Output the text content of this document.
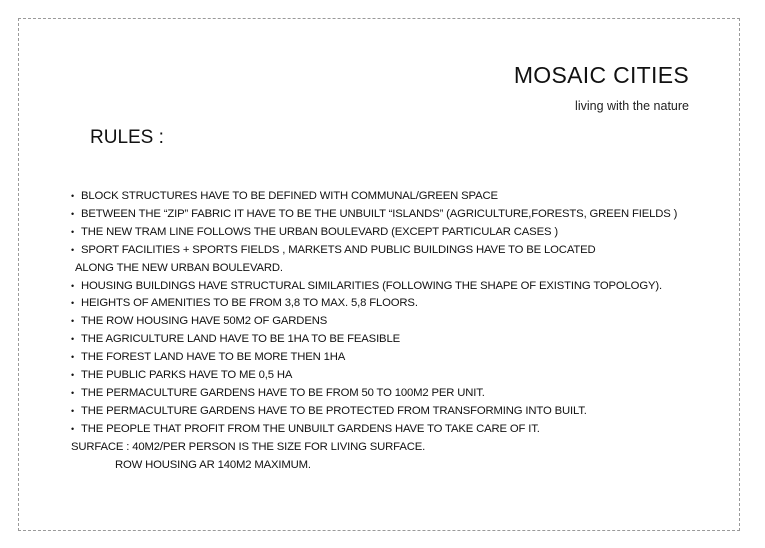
MOSAIC CITIES
living with the nature
RULES :
• BLOCK STRUCTURES HAVE TO BE DEFINED WITH COMMUNAL/GREEN SPACE
• BETWEEN THE “ZIP” FABRIC IT HAVE TO BE THE UNBUILT “ISLANDS” (AGRICULTURE,FORESTS, GREEN FIELDS )
• THE NEW TRAM LINE FOLLOWS THE URBAN BOULEVARD (EXCEPT PARTICULAR CASES )
• SPORT FACILITIES + SPORTS FIELDS , MARKETS AND PUBLIC BUILDINGS HAVE TO BE LOCATED
ALONG THE NEW URBAN BOULEVARD.
• HOUSING BUILDINGS HAVE STRUCTURAL SIMILARITIES (FOLLOWING THE SHAPE OF EXISTING TOPOLOGY).
• HEIGHTS OF AMENITIES TO BE FROM 3,8 TO MAX. 5,8 FLOORS.
• THE ROW HOUSING HAVE 50M2 OF GARDENS
• THE AGRICULTURE LAND HAVE TO BE 1HA TO BE FEASIBLE
• THE FOREST LAND HAVE TO BE MORE THEN 1HA
• THE PUBLIC PARKS HAVE TO ME 0,5 HA
• THE PERMACULTURE GARDENS HAVE TO BE FROM 50 TO 100M2 PER UNIT.
• THE PERMACULTURE GARDENS HAVE TO BE PROTECTED FROM TRANSFORMING INTO BUILT.
• THE PEOPLE THAT PROFIT FROM THE UNBUILT GARDENS HAVE TO TAKE CARE OF IT.
SURFACE : 40M2/PER PERSON IS THE SIZE FOR LIVING SURFACE.
ROW HOUSING AR 140M2 MAXIMUM.
